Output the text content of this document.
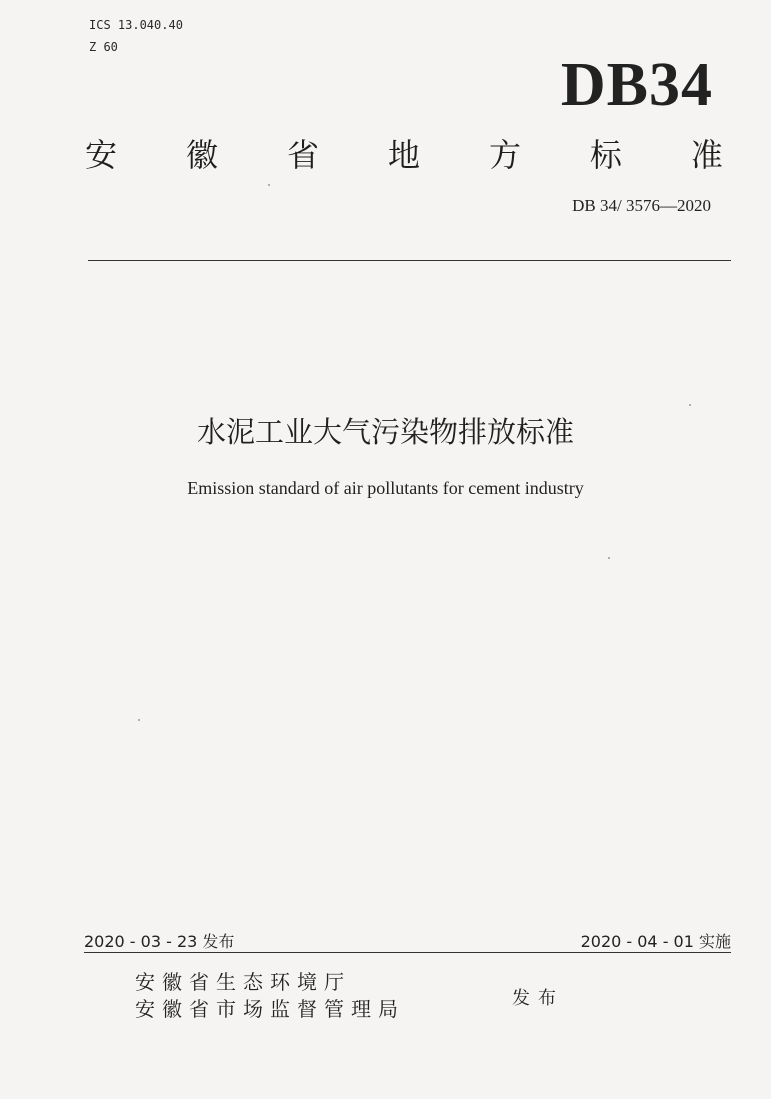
ICS 13.040.40
Z 60
DB34
安 徽 省 地 方 标 准
DB 34/ 3576—2020
水泥工业大气污染物排放标准
Emission standard of air pollutants for cement industry
2020 - 03 - 23 发布	2020 - 04 - 01 实施
安徽省生态环境厅
安徽省市场监督管理局	发布
